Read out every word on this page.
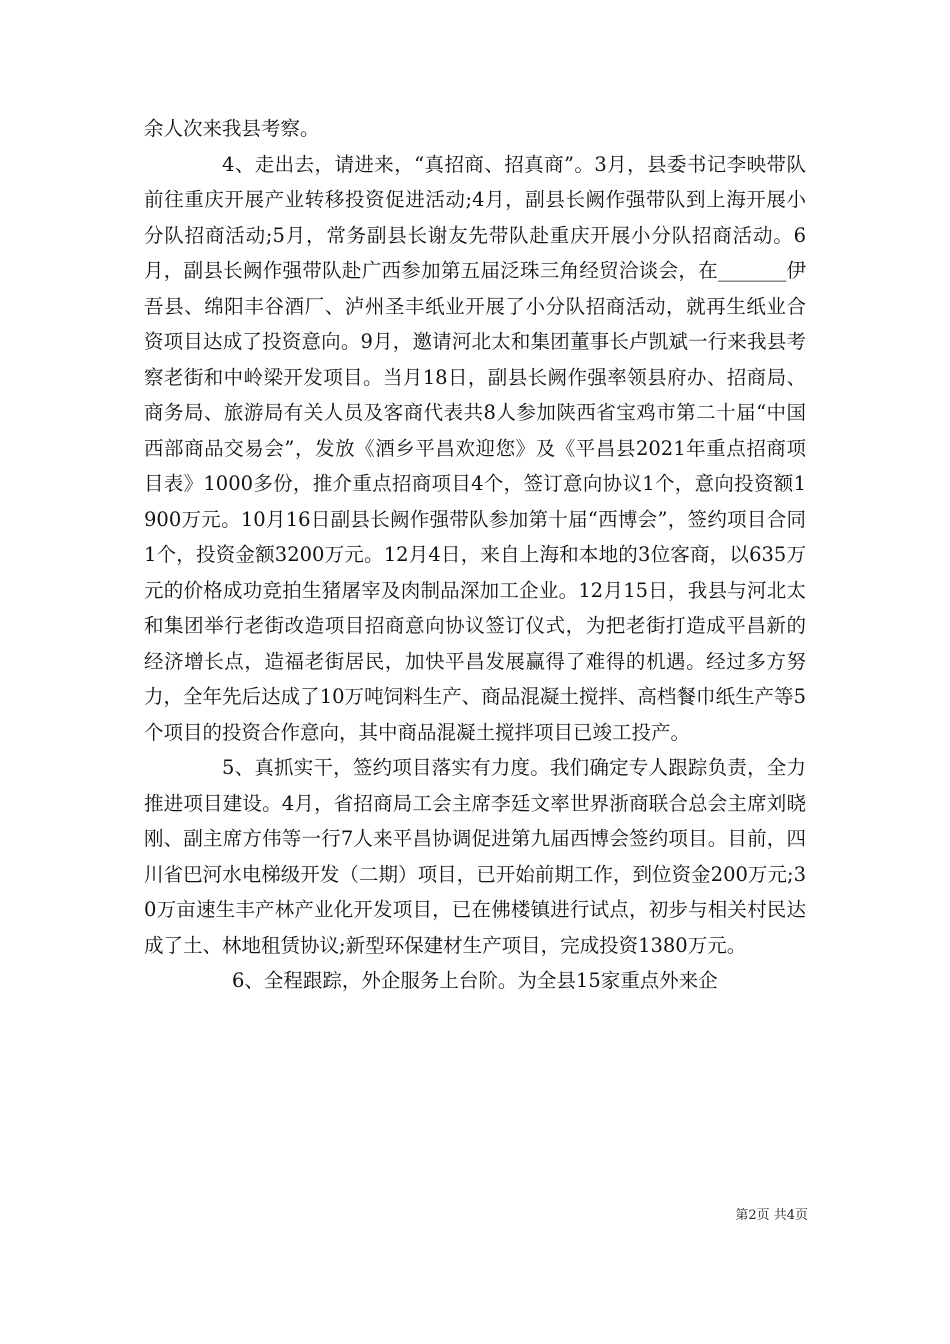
余人次来我县考察。

4、走出去，请进来，“真招商、招真商”。3月，县委书记李映带队前往重庆开展产业转移投资促进活动;4月，副县长阙作强带队到上海开展小分队招商活动;5月，常务副县长谢友先带队赴重庆开展小分队招商活动。6月，副县长阙作强带队赴广西参加第五届泛珠三角经贸洽谈会，在_______伊吾县、绵阳丰谷酒厂、泸州圣丰纸业开展了小分队招商活动，就再生纸业合资项目达成了投资意向。9月，邀请河北太和集团董事长卢凯斌一行来我县考察老街和中岭梁开发项目。当月18日，副县长阙作强率领县府办、招商局、商务局、旅游局有关人员及客商代表共8人参加陕西省宝鸡市第二十届“中国西部商品交易会”，发放《酒乡平昌欢迎您》及《平昌县2021年重点招商项目表》1000多份，推介重点招商项目4个，签订意向协议1个，意向投资额1900万元。10月16日副县长阙作强带队参加第十届“西博会”，签约项目合同1个，投资金额3200万元。12月4日，来自上海和本地的3位客商，以635万元的价格成功竞拍生猪屠宰及肉制品深加工企业。12月15日，我县与河北太和集团举行老街改造项目招商意向协议签订仪式，为把老街打造成平昌新的经济增长点，造福老街居民，加快平昌发展赢得了难得的机遇。经过多方努力，全年先后达成了10万吨饲料生产、商品混凝土搅拌、高档餐巾纸生产等5个项目的投资合作意向，其中商品混凝土搅拌项目已竣工投产。

5、真抓实干，签约项目落实有力度。我们确定专人跟踪负责，全力推进项目建设。4月，省招商局工会主席李廷文率世界浙商联合总会主席刘晓刚、副主席方伟等一行7人来平昌协调促进第九届西博会签约项目。目前，四川省巴河水电梯级开发（二期）项目，已开始前期工作，到位资金200万元;30万亩速生丰产林产业化开发项目，已在佛楼镇进行试点，初步与相关村民达成了土、林地租赁协议;新型环保建材生产项目，完成投资1380万元。

6、全程跟踪，外企服务上台阶。为全县15家重点外来企

第2页 共4页
